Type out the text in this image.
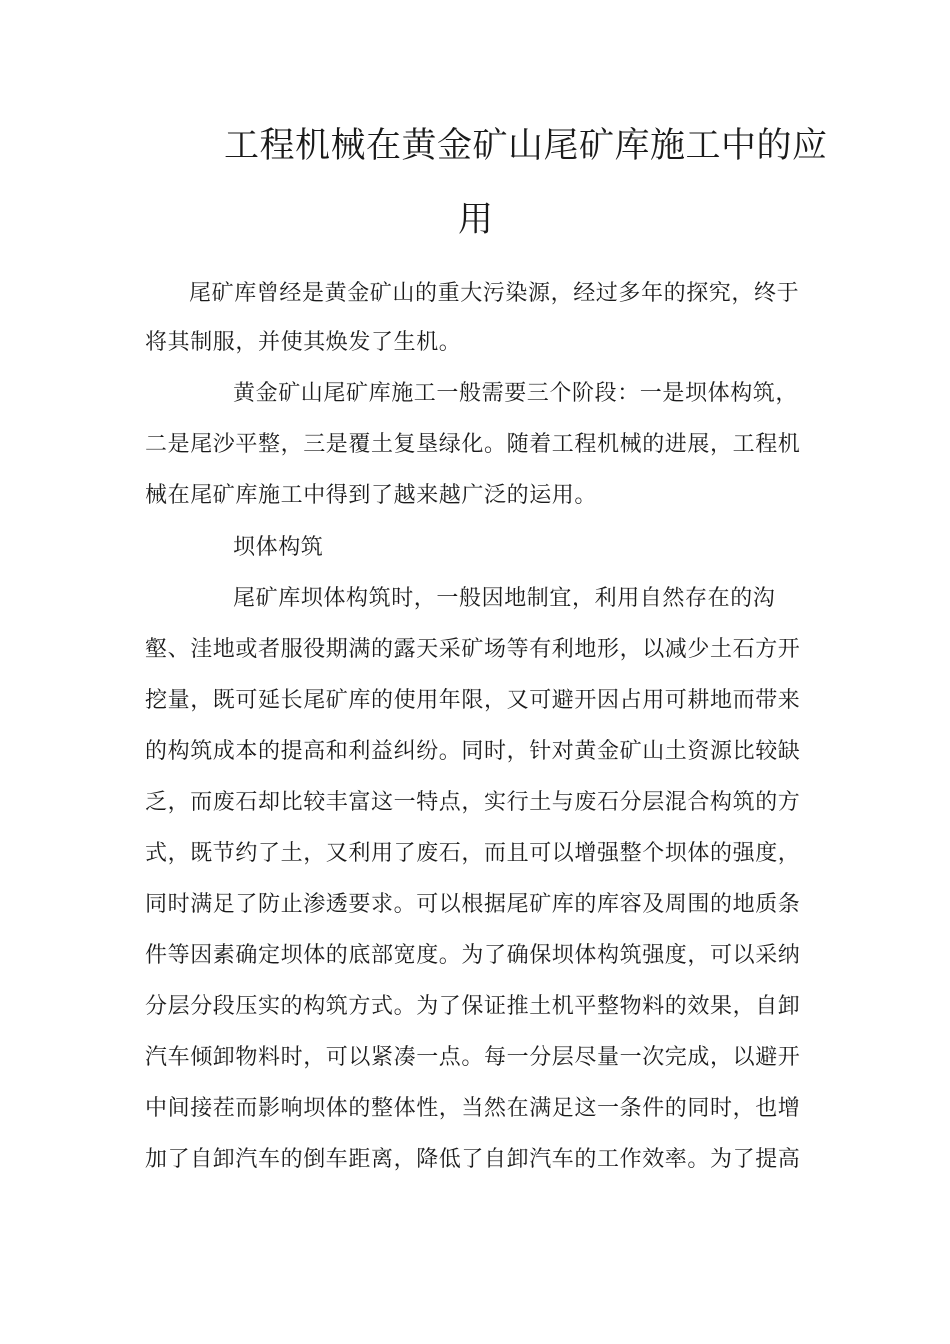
工程机械在黄金矿山尾矿库施工中的应
用
尾矿库曾经是黄金矿山的重大污染源，经过多年的探究，终于
将其制服，并使其焕发了生机。
黄金矿山尾矿库施工一般需要三个阶段：一是坝体构筑，
二是尾沙平整，三是覆土复垦绿化。随着工程机械的进展，工程机
械在尾矿库施工中得到了越来越广泛的运用。
坝体构筑
尾矿库坝体构筑时，一般因地制宜，利用自然存在的沟
壑、洼地或者服役期满的露天采矿场等有利地形，以减少土石方开
挖量，既可延长尾矿库的使用年限，又可避开因占用可耕地而带来
的构筑成本的提高和利益纠纷。同时，针对黄金矿山土资源比较缺
乏，而废石却比较丰富这一特点，实行土与废石分层混合构筑的方
式，既节约了土，又利用了废石，而且可以增强整个坝体的强度，
同时满足了防止渗透要求。可以根据尾矿库的库容及周围的地质条
件等因素确定坝体的底部宽度。为了确保坝体构筑强度，可以采纳
分层分段压实的构筑方式。为了保证推土机平整物料的效果，自卸
汽车倾卸物料时，可以紧凑一点。每一分层尽量一次完成，以避开
中间接茬而影响坝体的整体性，当然在满足这一条件的同时，也增
加了自卸汽车的倒车距离，降低了自卸汽车的工作效率。为了提高
